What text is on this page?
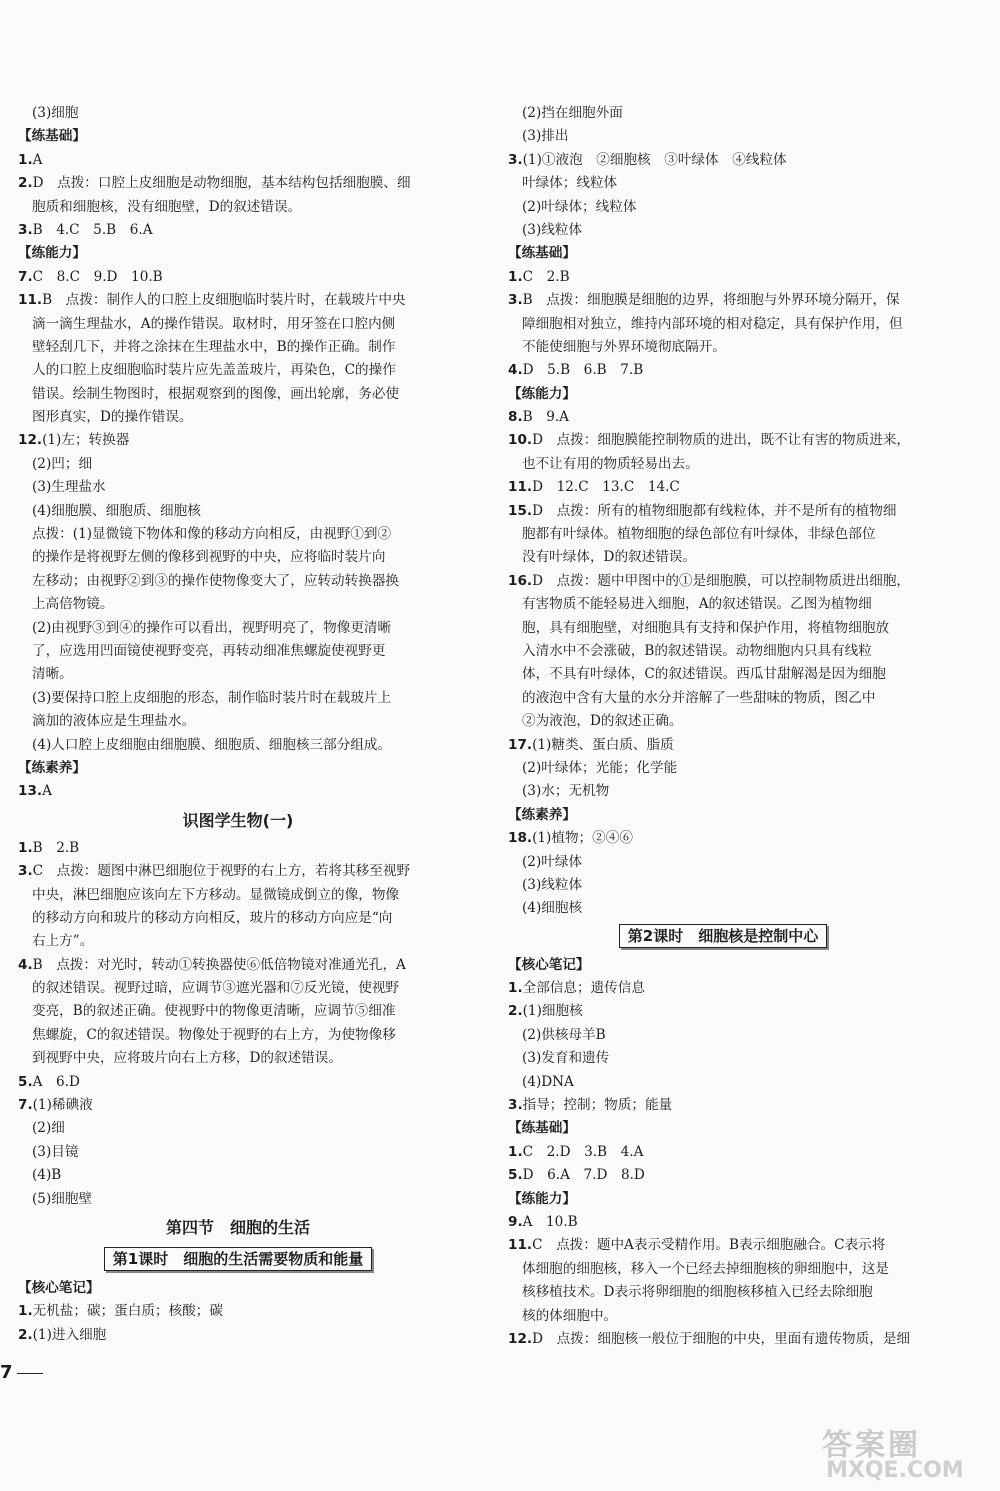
(3)细胞
【练基础】
1.A
2.D　点拨：口腔上皮细胞是动物细胞，基本结构包括细胞膜、细
胞质和细胞核，没有细胞壁，D的叙述错误。
3.B　4.C　5.B　6.A
【练能力】
7.C　8.C　9.D　10.B
11.B　点拨：制作人的口腔上皮细胞临时装片时，在载玻片中央
滴一滴生理盐水，A的操作错误。取材时，用牙签在口腔内侧
壁轻刮几下，并将之涂抹在生理盐水中，B的操作正确。制作
人的口腔上皮细胞临时装片应先盖盖玻片，再染色，C的操作
错误。绘制生物图时，根据观察到的图像，画出轮廓，务必使
图形真实，D的操作错误。
12.(1)左；转换器
(2)凹；细
(3)生理盐水
(4)细胞膜、细胞质、细胞核
点拨：(1)显微镜下物体和像的移动方向相反，由视野①到②
的操作是将视野左侧的像移到视野的中央，应将临时装片向
左移动；由视野②到③的操作使物像变大了，应转动转换器换
上高倍物镜。
(2)由视野③到④的操作可以看出，视野明亮了，物像更清晰
了，应选用凹面镜使视野变亮，再转动细准焦螺旋使视野更
清晰。
(3)要保持口腔上皮细胞的形态，制作临时装片时在载玻片上
滴加的液体应是生理盐水。
(4)人口腔上皮细胞由细胞膜、细胞质、细胞核三部分组成。
【练素养】
13.A
识图学生物(一)
1.B　2.B
3.C　点拨：题图中淋巴细胞位于视野的右上方，若将其移至视野
中央，淋巴细胞应该向左下方移动。显微镜成倒立的像，物像
的移动方向和玻片的移动方向相反，玻片的移动方向应是“向
右上方”。
4.B　点拨：对光时，转动①转换器使⑥低倍物镜对准通光孔，A
的叙述错误。视野过暗，应调节③遮光器和⑦反光镜，使视野
变亮，B的叙述正确。使视野中的物像更清晰，应调节⑤细准
焦螺旋，C的叙述错误。物像处于视野的右上方，为使物像移
到视野中央，应将玻片向右上方移，D的叙述错误。
5.A　6.D
7.(1)稀碘液
(2)细
(3)目镜
(4)B
(5)细胞壁
第四节　细胞的生活
第1课时　细胞的生活需要物质和能量
【核心笔记】
1.无机盐；碳；蛋白质；核酸；碳
2.(1)进入细胞
(2)挡在细胞外面
(3)排出
3.(1)①液泡　②细胞核　③叶绿体　④线粒体
叶绿体；线粒体
(2)叶绿体；线粒体
(3)线粒体
【练基础】
1.C　2.B
3.B　点拨：细胞膜是细胞的边界，将细胞与外界环境分隔开，保
障细胞相对独立，维持内部环境的相对稳定，具有保护作用，但
不能使细胞与外界环境彻底隔开。
4.D　5.B　6.B　7.B
【练能力】
8.B　9.A
10.D　点拨：细胞膜能控制物质的进出，既不让有害的物质进来，
也不让有用的物质轻易出去。
11.D　12.C　13.C　14.C
15.D　点拨：所有的植物细胞都有线粒体，并不是所有的植物细
胞都有叶绿体。植物细胞的绿色部位有叶绿体，非绿色部位
没有叶绿体，D的叙述错误。
16.D　点拨：题中甲图中的①是细胞膜，可以控制物质进出细胞，
有害物质不能轻易进入细胞，A的叙述错误。乙图为植物细
胞，具有细胞壁，对细胞具有支持和保护作用，将植物细胞放
入清水中不会涨破，B的叙述错误。动物细胞内只具有线粒
体，不具有叶绿体，C的叙述错误。西瓜甘甜解渴是因为细胞
的液泡中含有大量的水分并溶解了一些甜味的物质，图乙中
②为液泡，D的叙述正确。
17.(1)糖类、蛋白质、脂质
(2)叶绿体；光能；化学能
(3)水；无机物
【练素养】
18.(1)植物；②④⑥
(2)叶绿体
(3)线粒体
(4)细胞核
第2课时　细胞核是控制中心
【核心笔记】
1.全部信息；遗传信息
2.(1)细胞核
(2)供核母羊B
(3)发育和遗传
(4)DNA
3.指导；控制；物质；能量
【练基础】
1.C　2.D　3.B　4.A
5.D　6.A　7.D　8.D
【练能力】
9.A　10.B
11.C　点拨：题中A表示受精作用。B表示细胞融合。C表示将
体细胞的细胞核，移入一个已经去掉细胞核的卵细胞中，这是
核移植技术。D表示将卵细胞的细胞核移植入已经去除细胞
核的体细胞中。
12.D　点拨：细胞核一般位于细胞的中央，里面有遗传物质，是细
7
答案圈
MXQE.COM
